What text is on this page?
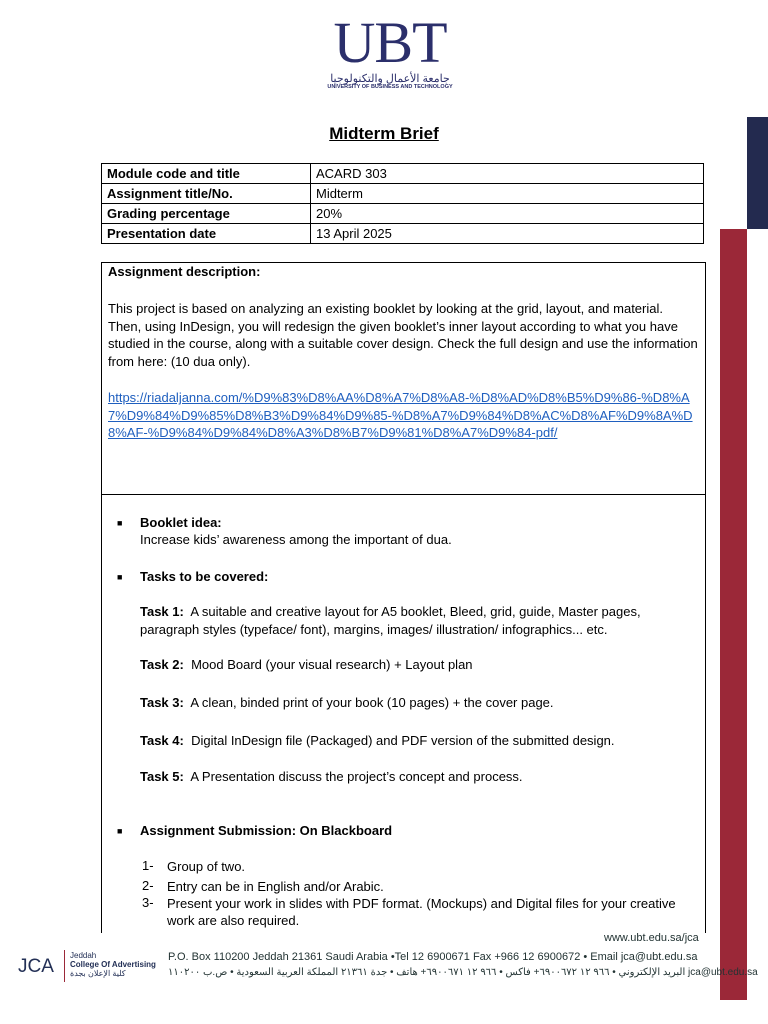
UBT
جامعة الأعمال والتكنولوجيا
UNIVERSITY OF BUSINESS AND TECHNOLOGY
Midterm Brief
Module code and title	ACARD 303
Assignment title/No.	Midterm
Grading percentage	20%
Presentation date	13 April 2025
Assignment description:
This project is based on analyzing an existing booklet by looking at the grid, layout, and material. Then, using InDesign, you will redesign the given booklet’s inner layout according to what you have studied in the course, along with a suitable cover design. Check the full design and use the information from here: (10 dua only).
https://riadaljanna.com/%D9%83%D8%AA%D8%A7%D8%A8-%D8%AD%D8%B5%D9%86-%D8%A7%D9%84%D9%85%D8%B3%D9%84%D9%85-%D8%A7%D9%84%D8%AC%D8%AF%D9%8A%D8%AF-%D9%84%D9%84%D8%A3%D8%B7%D9%81%D8%A7%D9%84-pdf/
■ Booklet idea:
Increase kids’ awareness among the important of dua.
■ Tasks to be covered:
Task 1: A suitable and creative layout for A5 booklet, Bleed, grid, guide, Master pages, paragraph styles (typeface/ font), margins, images/ illustration/ infographics... etc.
Task 2: Mood Board (your visual research) + Layout plan
Task 3: A clean, binded print of your book (10 pages) + the cover page.
Task 4: Digital InDesign file (Packaged) and PDF version of the submitted design.
Task 5: A Presentation discuss the project’s concept and process.
■ Assignment Submission: On Blackboard
1- Group of two.
2- Entry can be in English and/or Arabic.
3- Present your work in slides with PDF format. (Mockups) and Digital files for your creative work are also required.
www.ubt.edu.sa/jca
JCA
Jeddah
College Of Advertising
كلية الإعلان بجدة
P.O. Box 110200 Jeddah 21361 Saudi Arabia •Tel 12 6900671 Fax +966 12 6900672 • Email jca@ubt.edu.sa
jca@ubt.edu.sa البريد الإلكتروني • ٩٦٦ ١٢ ٦٩٠٠٦٧٢+ فاكس • ٩٦٦ ١٢ ٦٩٠٠٦٧١+ هاتف • جدة ٢١٣٦١ المملكة العربية السعودية • ص.ب ١١٠٢٠٠
